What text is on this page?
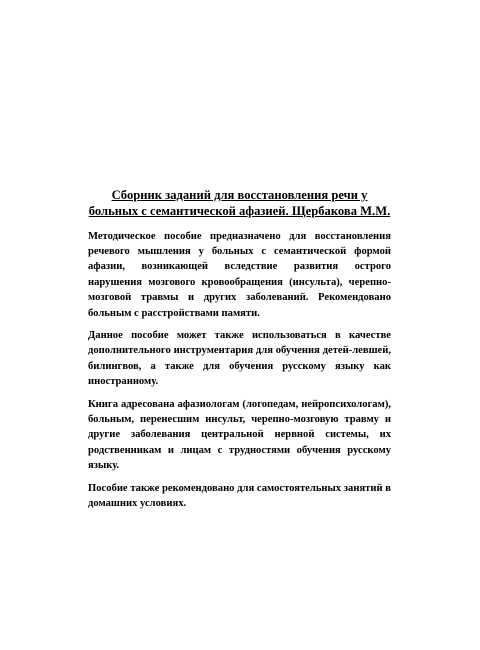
Сборник заданий для восстановления речи у больных с семантической афазией. Щербакова М.М.

Методическое пособие предназначено для восстановления речевого мышления у больных с семантической формой афазии, возникающей вследствие развития острого нарушения мозгового кровообращения (инсульта), черепно-мозговой травмы и других заболеваний. Рекомендовано больным с расстройствами памяти.

Данное пособие может также использоваться в качестве дополнительного инструментария для обучения детей-левшей, билингвов, а также для обучения русскому языку как иностранному.

Книга адресована афазиологам (логопедам, нейропсихологам), больным, перенесшим инсульт, черепно-мозговую травму и другие заболевания центральной нервной системы, их родственникам и лицам с трудностями обучения русскому языку.

Пособие также рекомендовано для самостоятельных занятий в домашних условиях.
